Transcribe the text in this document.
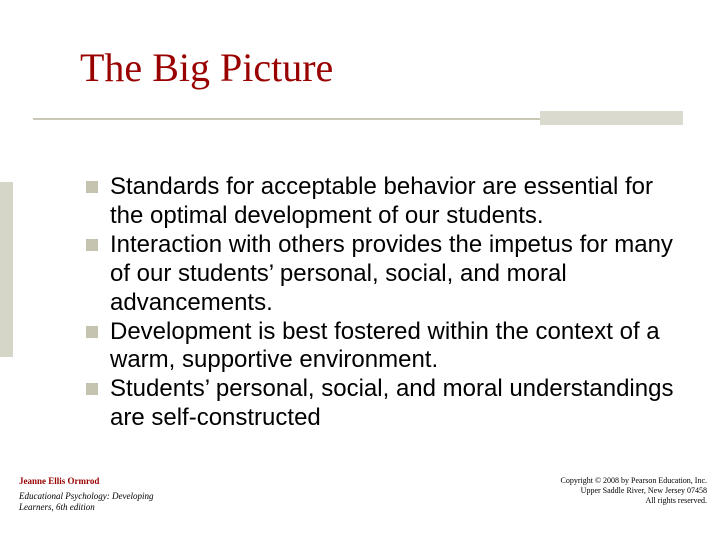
The Big Picture
Standards for acceptable behavior are essential for the optimal development of our students.
Interaction with others provides the impetus for many of our students’ personal, social, and moral advancements.
Development is best fostered within the context of a warm, supportive environment.
Students’ personal, social, and moral understandings are self-constructed
Jeanne Ellis Ormrod
Educational Psychology: Developing Learners, 6th edition
Copyright © 2008 by Pearson Education, Inc.
Upper Saddle River, New Jersey 07458
All rights reserved.
